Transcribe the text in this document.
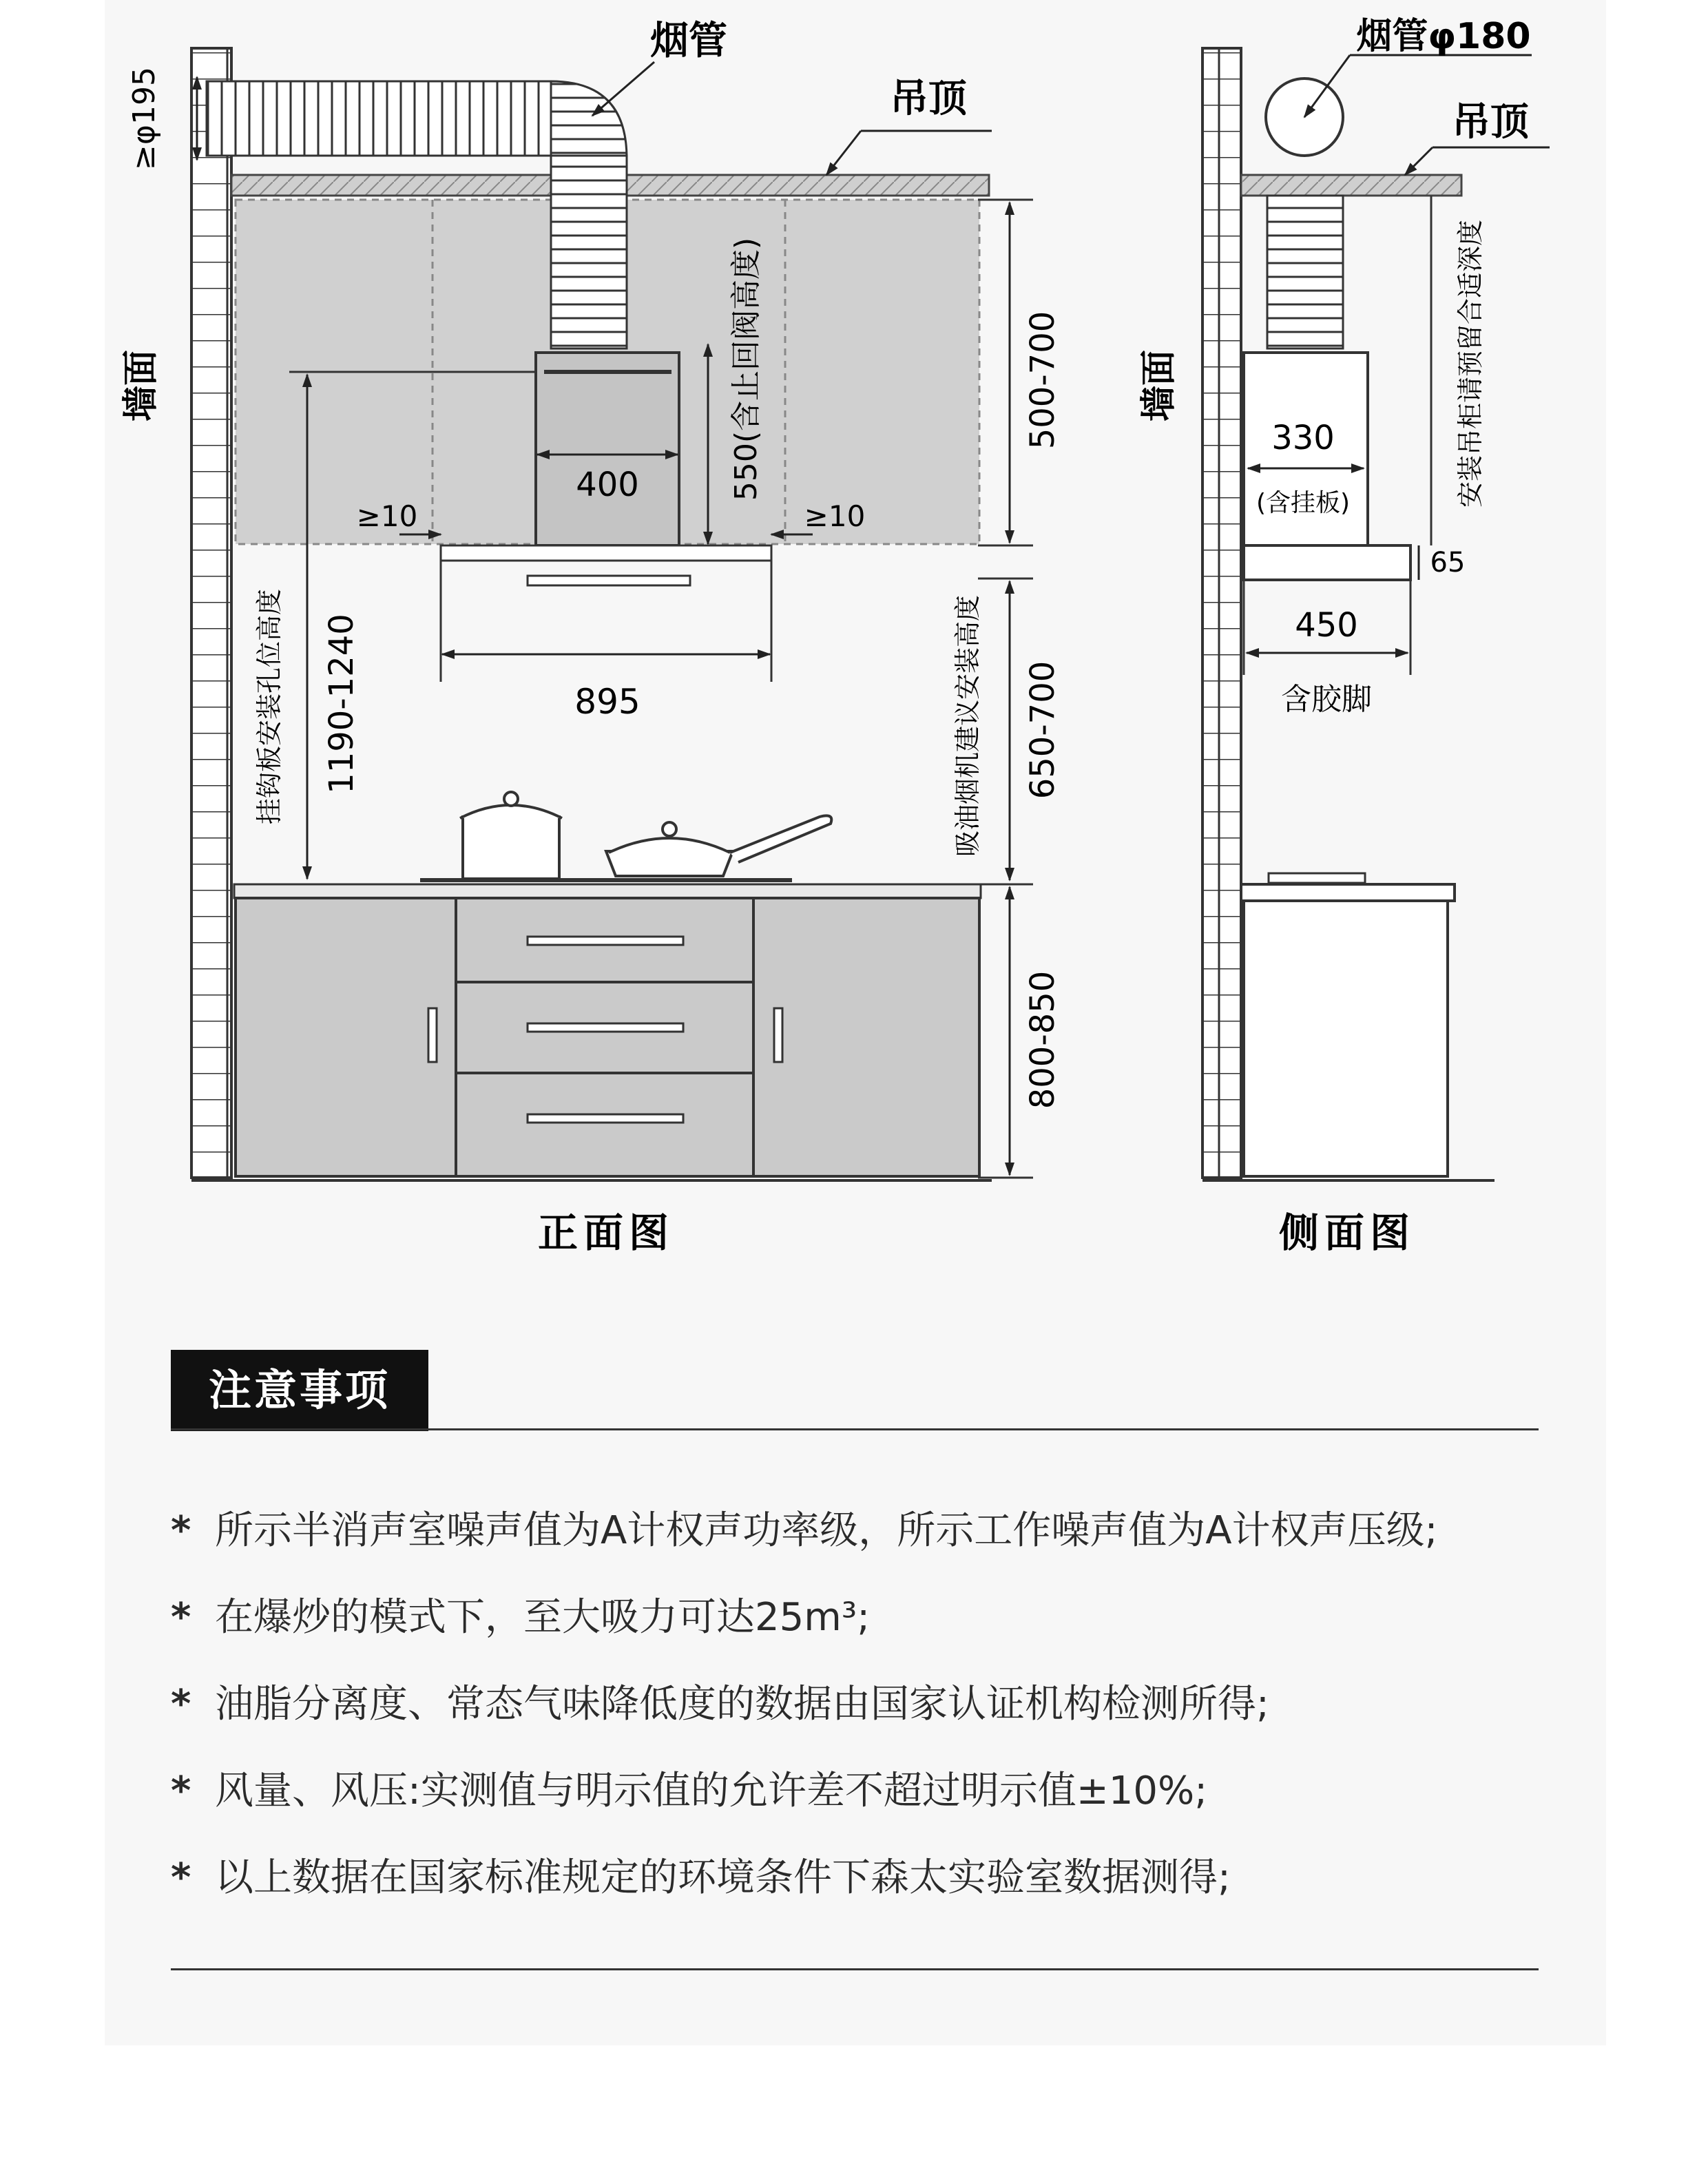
400	550(含止回阀高度)
≥10	≥10
895
500-700
650-700
吸油烟机建议安装高度
800-850
1190-1240
挂钩板安装孔位高度
≥φ195
墙面
烟管
吊顶
正面图
330
(含挂板)
65
安装吊柜请预留合适深度
450
含胶脚
墙面
烟管φ180
吊顶
侧面图
注意事项
* 所示半消声室噪声值为A计权声功率级，所示工作噪声值为A计权声压级;
* 在爆炒的模式下，至大吸力可达25m³;
* 油脂分离度、常态气味降低度的数据由国家认证机构检测所得;
* 风量、风压:实测值与明示值的允许差不超过明示值±10%;
* 以上数据在国家标准规定的环境条件下森太实验室数据测得;
